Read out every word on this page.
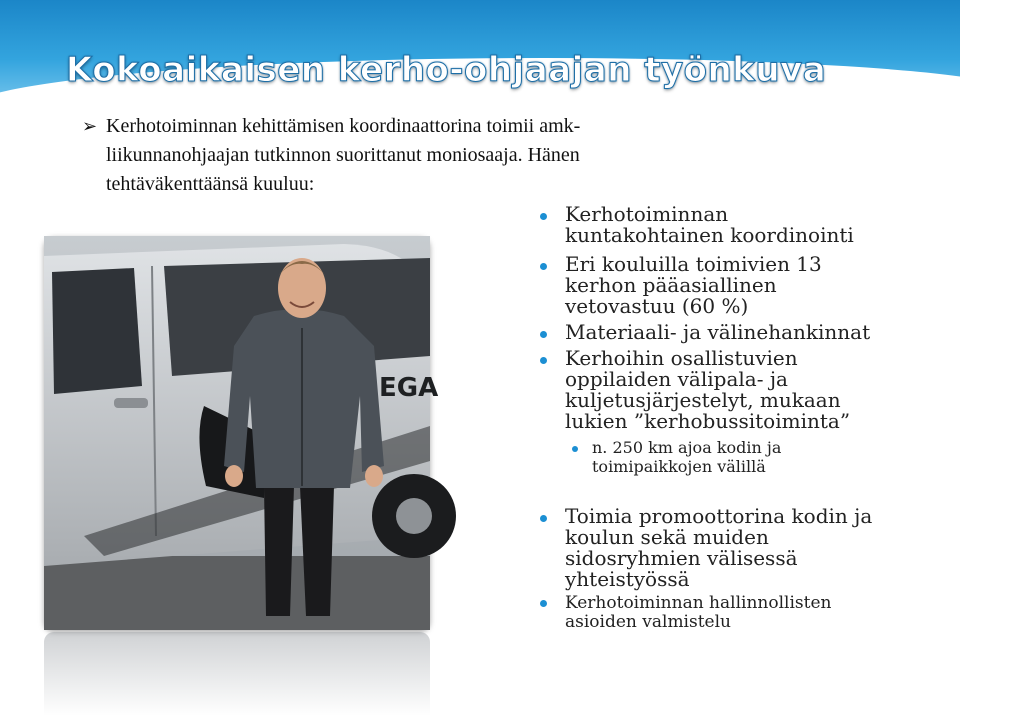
Kokoaikaisen kerho-ohjaajan työnkuva
➢ Kerhotoiminnan kehittämisen koordinaattorina toimii amk-
liikunnanohjaajan tutkinnon suorittanut moniosaaja. Hänen
tehtäväkenttäänsä kuuluu:
EGA
Kerhotoiminnan
kuntakohtainen koordinointi
Eri kouluilla toimivien 13
kerhon pääasiallinen
vetovastuu (60 %)
Materiaali- ja välinehankinnat
Kerhoihin osallistuvien
oppilaiden välipala- ja
kuljetusjärjestelyt, mukaan
lukien ”kerhobussitoiminta”
n. 250 km ajoa kodin ja
toimipaikkojen välillä
Toimia promoottorina kodin ja
koulun sekä muiden
sidosryhmien välisessä
yhteistyössä
Kerhotoiminnan hallinnollisten
asioiden valmistelu
